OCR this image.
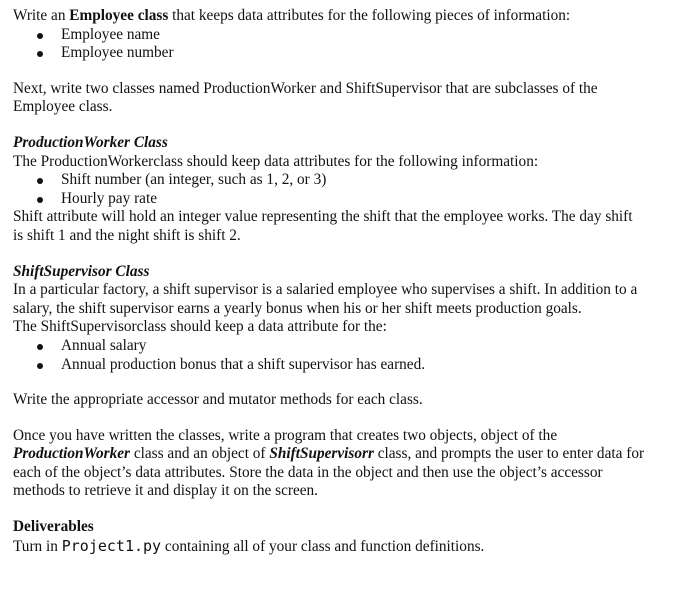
Write an Employee class that keeps data attributes for the following pieces of information:

Employee name
Employee number

Next, write two classes named ProductionWorker and ShiftSupervisor that are subclasses of the
Employee class.

ProductionWorker Class

The ProductionWorkerclass should keep data attributes for the following information:

Shift number (an integer, such as 1, 2, or 3)
Hourly pay rate

Shift attribute will hold an integer value representing the shift that the employee works. The day shift
is shift 1 and the night shift is shift 2.

ShiftSupervisor Class

In a particular factory, a shift supervisor is a salaried employee who supervises a shift. In addition to a
salary, the shift supervisor earns a yearly bonus when his or her shift meets production goals.
The ShiftSupervisorclass should keep a data attribute for the:

Annual salary
Annual production bonus that a shift supervisor has earned.

Write the appropriate accessor and mutator methods for each class.

Once you have written the classes, write a program that creates two objects, object of the
ProductionWorker class and an object of ShiftSupervisorr class, and prompts the user to enter data for
each of the object’s data attributes. Store the data in the object and then use the object’s accessor
methods to retrieve it and display it on the screen.

Deliverables

Turn in Project1.py containing all of your class and function definitions.
